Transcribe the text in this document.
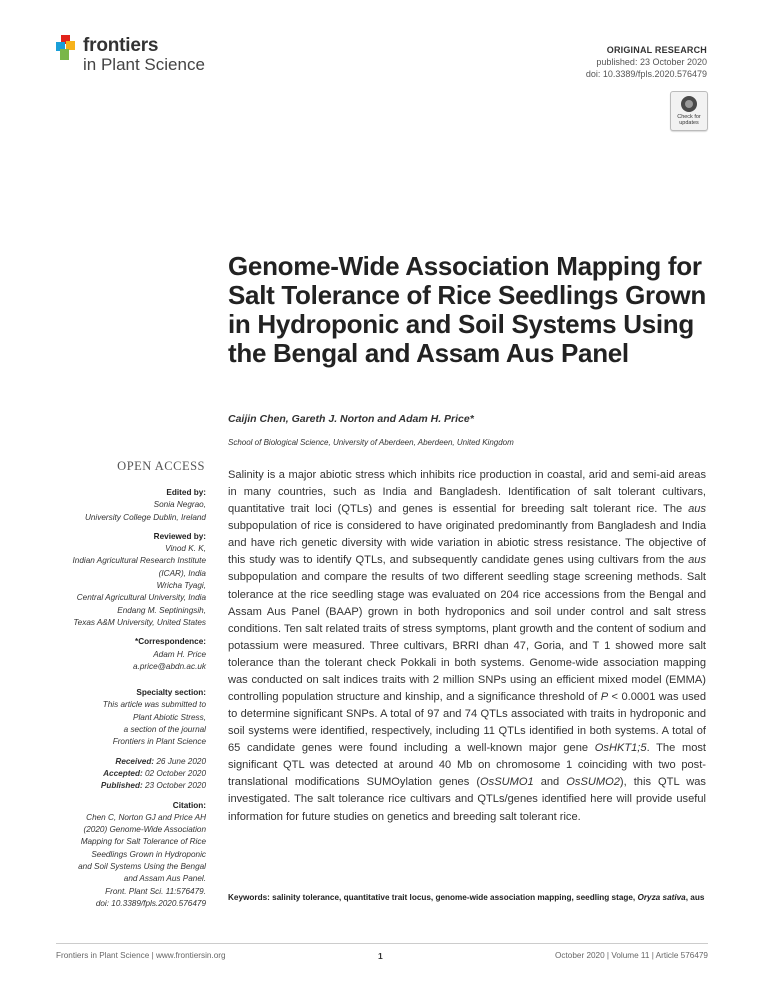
frontiers
in Plant Science
ORIGINAL RESEARCH
published: 23 October 2020
doi: 10.3389/fpls.2020.576479
Check for updates
Genome-Wide Association Mapping for Salt Tolerance of Rice Seedlings Grown in Hydroponic and Soil Systems Using the Bengal and Assam Aus Panel
Caijin Chen, Gareth J. Norton and Adam H. Price*
School of Biological Science, University of Aberdeen, Aberdeen, United Kingdom
OPEN ACCESS
Edited by:
Sonia Negrao,
University College Dublin, Ireland
Reviewed by:
Vinod K. K,
Indian Agricultural Research Institute
(ICAR), India
Wricha Tyagi,
Central Agricultural University, India
Endang M. Septiningsih,
Texas A&M University, United States
*Correspondence:
Adam H. Price
a.price@abdn.ac.uk
Specialty section:
This article was submitted to
Plant Abiotic Stress,
a section of the journal
Frontiers in Plant Science
Received: 26 June 2020
Accepted: 02 October 2020
Published: 23 October 2020
Citation:
Chen C, Norton GJ and Price AH
(2020) Genome-Wide Association
Mapping for Salt Tolerance of Rice
Seedlings Grown in Hydroponic
and Soil Systems Using the Bengal
and Assam Aus Panel.
Front. Plant Sci. 11:576479.
doi: 10.3389/fpls.2020.576479
Salinity is a major abiotic stress which inhibits rice production in coastal, arid and semi-aid areas in many countries, such as India and Bangladesh. Identification of salt tolerant cultivars, quantitative trait loci (QTLs) and genes is essential for breeding salt tolerant rice. The aus subpopulation of rice is considered to have originated predominantly from Bangladesh and India and have rich genetic diversity with wide variation in abiotic stress resistance. The objective of this study was to identify QTLs, and subsequently candidate genes using cultivars from the aus subpopulation and compare the results of two different seedling stage screening methods. Salt tolerance at the rice seedling stage was evaluated on 204 rice accessions from the Bengal and Assam Aus Panel (BAAP) grown in both hydroponics and soil under control and salt stress conditions. Ten salt related traits of stress symptoms, plant growth and the content of sodium and potassium were measured. Three cultivars, BRRI dhan 47, Goria, and T 1 showed more salt tolerance than the tolerant check Pokkali in both systems. Genome-wide association mapping was conducted on salt indices traits with 2 million SNPs using an efficient mixed model (EMMA) controlling population structure and kinship, and a significance threshold of P < 0.0001 was used to determine significant SNPs. A total of 97 and 74 QTLs associated with traits in hydroponic and soil systems were identified, respectively, including 11 QTLs identified in both systems. A total of 65 candidate genes were found including a well-known major gene OsHKT1;5. The most significant QTL was detected at around 40 Mb on chromosome 1 coinciding with two post-translational modifications SUMOylation genes (OsSUMO1 and OsSUMO2), this QTL was investigated. The salt tolerance rice cultivars and QTLs/genes identified here will provide useful information for future studies on genetics and breeding salt tolerant rice.
Keywords: salinity tolerance, quantitative trait locus, genome-wide association mapping, seedling stage, Oryza sativa, aus
Frontiers in Plant Science | www.frontiersin.org	1	October 2020 | Volume 11 | Article 576479
